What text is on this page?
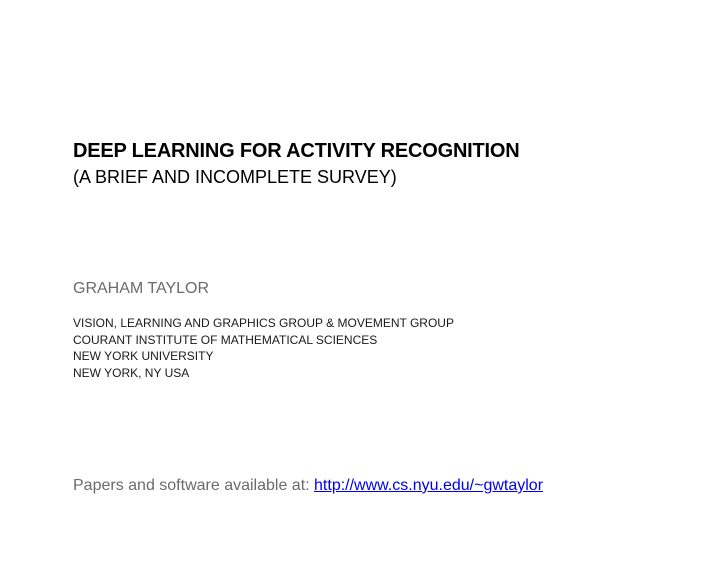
DEEP LEARNING FOR ACTIVITY RECOGNITION
(A BRIEF AND INCOMPLETE SURVEY)
GRAHAM TAYLOR
VISION, LEARNING AND GRAPHICS GROUP & MOVEMENT GROUP
COURANT INSTITUTE OF MATHEMATICAL SCIENCES
NEW YORK UNIVERSITY
NEW YORK, NY USA
Papers and software available at: http://www.cs.nyu.edu/~gwtaylor
